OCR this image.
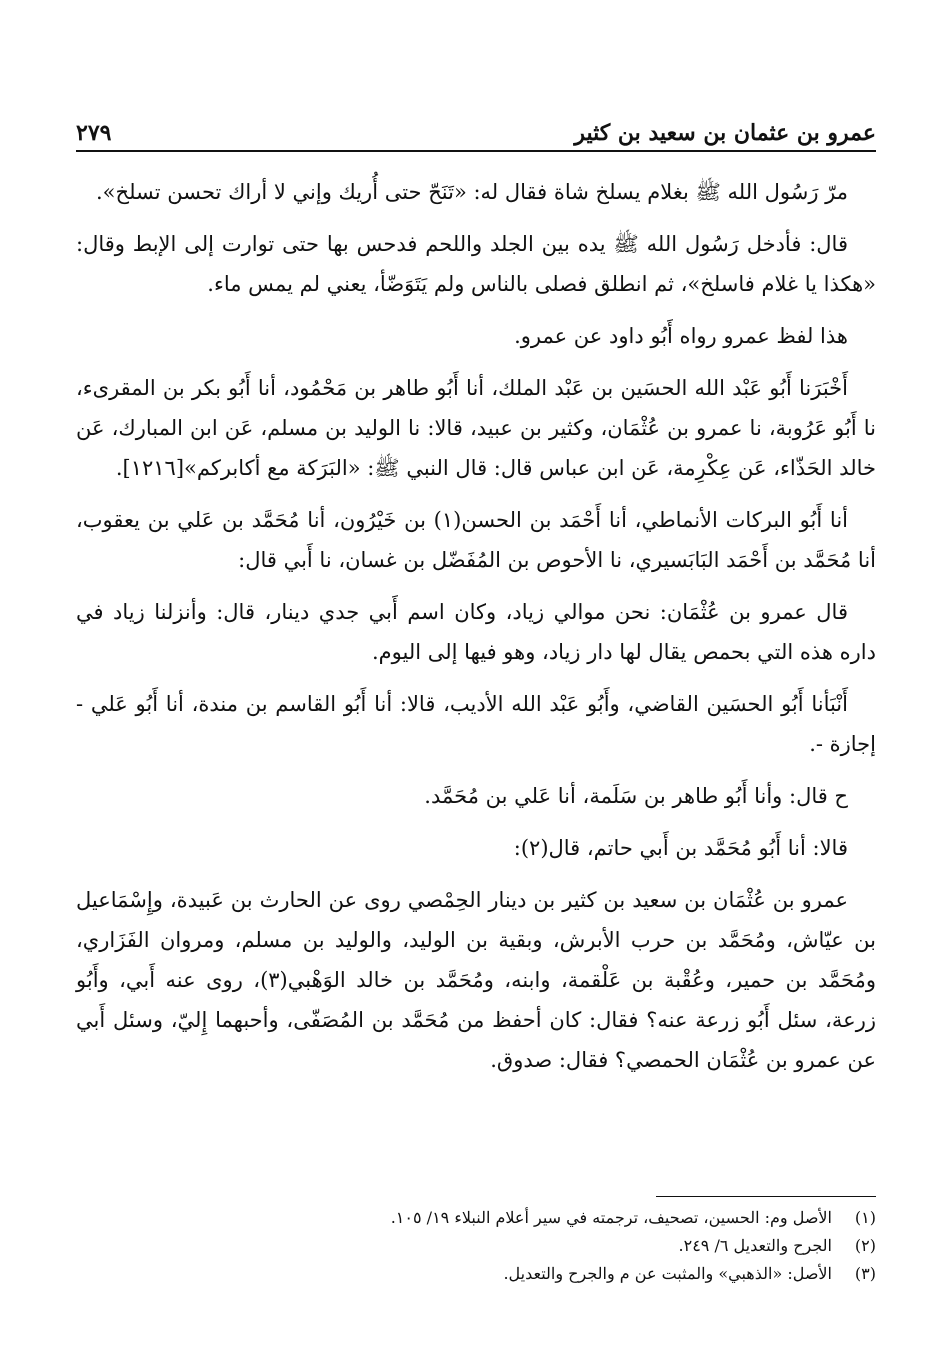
عمرو بن عثمان بن سعيد بن كثير
٢٧٩

مرّ رَسُول الله ﷺ بغلام يسلخ شاة فقال له: «تَنَحّ حتى أُريك وإني لا أراك تحسن تسلخ».

قال: فأدخل رَسُول الله ﷺ يده بين الجلد واللحم فدحس بها حتى توارت إلى الإبط وقال: «هكذا يا غلام فاسلخ»، ثم انطلق فصلى بالناس ولم يَتَوَضّأ، يعني لم يمس ماء.

هذا لفظ عمرو رواه أَبُو داود عن عمرو.

أَخْبَرَنا أَبُو عَبْد الله الحسَين بن عَبْد الملك، أنا أَبُو طاهر بن مَحْمُود، أنا أَبُو بكر بن المقرىء، نا أَبُو عَرُوبة، نا عمرو بن عُثْمَان، وكثير بن عبيد، قالا: نا الوليد بن مسلم، عَن ابن المبارك، عَن خالد الحَذّاء، عَن عِكْرِمة، عَن ابن عباس قال: قال النبي ﷺ: «البَرَكة مع أكابركم»[١٢١٦].

أنا أَبُو البركات الأنماطي، أنا أَحْمَد بن الحسن(١) بن خَيْرُون، أنا مُحَمَّد بن عَلي بن يعقوب، أنا مُحَمَّد بن أَحْمَد البَابَسيري، نا الأحوص بن المُفَضّل بن غسان، نا أَبي قال:

قال عمرو بن عُثْمَان: نحن موالي زياد، وكان اسم أَبي جدي دينار، قال: وأنزلنا زياد في داره هذه التي بحمص يقال لها دار زياد، وهو فيها إلى اليوم.

أَنْبَأنا أَبُو الحسَين القاضي، وأَبُو عَبْد الله الأديب، قالا: أنا أَبُو القاسم بن مندة، أنا أَبُو عَلي - إجازة -.

ح قال: وأنا أَبُو طاهر بن سَلَمة، أنا عَلي بن مُحَمَّد.

قالا: أنا أَبُو مُحَمَّد بن أَبي حاتم، قال(٢):

عمرو بن عُثْمَان بن سعيد بن كثير بن دينار الحِمْصي روى عن الحارث بن عَبيدة، وإِسْمَاعيل بن عيّاش، ومُحَمَّد بن حرب الأبرش، وبقية بن الوليد، والوليد بن مسلم، ومروان الفَزَاري، ومُحَمَّد بن حمير، وعُقْبة بن عَلْقمة، وابنه، ومُحَمَّد بن خالد الوَهْبي(٣)، روى عنه أَبي، وأَبُو زرعة، سئل أَبُو زرعة عنه؟ فقال: كان أحفظ من مُحَمَّد بن المُصَفّى، وأحبهما إِليّ، وسئل أَبي عن عمرو بن عُثْمَان الحمصي؟ فقال: صدوق.

(١)
الأصل وم: الحسين، تصحيف، ترجمته في سير أعلام النبلاء ١٩/ ١٠٥.
(٢)
الجرح والتعديل ٦/ ٢٤٩.
(٣)
الأصل: «الذهبي» والمثبت عن م والجرح والتعديل.
